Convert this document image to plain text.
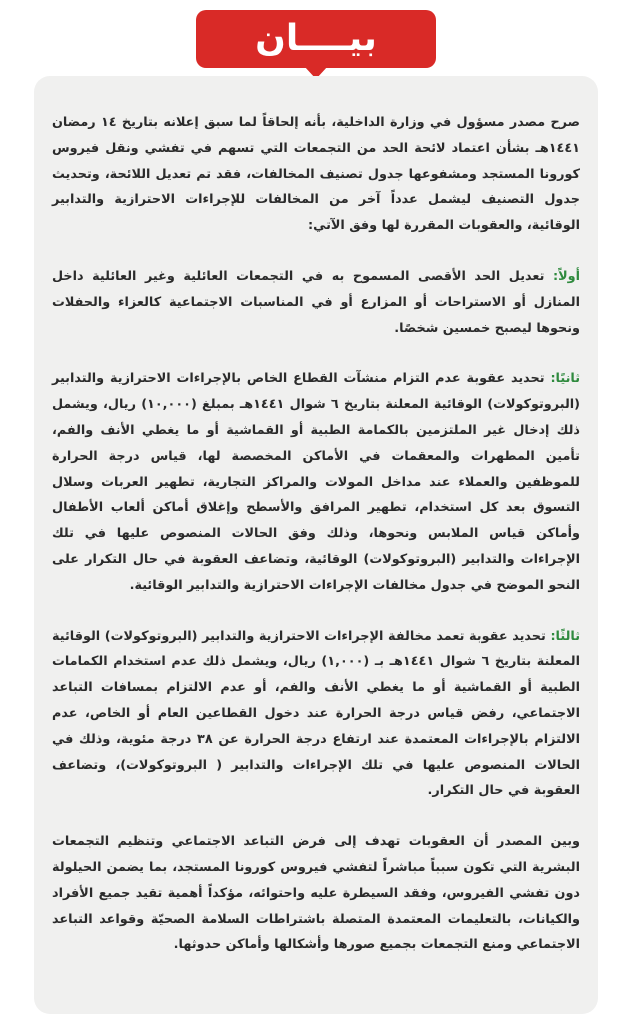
بيــــان

صرح مصدر مسؤول في وزارة الداخلية، بأنه إلحاقاً لما سبق إعلانه بتاريخ ١٤ رمضان ١٤٤١هـ بشأن اعتماد لائحة الحد من التجمعات التي تسهم في تفشي ونقل فيروس كورونا المستجد ومشفوعها جدول تصنيف المخالفات، فقد تم تعديل اللائحة، وتحديث جدول التصنيف ليشمل عدداً آخر من المخالفات للإجراءات الاحترازية والتدابير الوقائية، والعقوبات المقررة لها وفق الآتي:

أولاً: تعديل الحد الأقصى المسموح به في التجمعات العائلية وغير العائلية داخل المنازل أو الاستراحات أو المزارع أو في المناسبات الاجتماعية كالعزاء والحفلات ونحوها ليصبح خمسين شخصًا.

ثانيًا: تحديد عقوبة عدم التزام منشآت القطاع الخاص بالإجراءات الاحترازية والتدابير (البروتوكولات) الوقائية المعلنة بتاريخ ٦ شوال ١٤٤١هـ بمبلغ (١٠,٠٠٠) ريال، ويشمل ذلك إدخال غير الملتزمين بالكمامة الطبية أو القماشية أو ما يغطي الأنف والفم، تأمين المطهرات والمعقمات في الأماكن المخصصة لها، قياس درجة الحرارة للموظفين والعملاء عند مداخل المولات والمراكز التجارية، تطهير العربات وسلال التسوق بعد كل استخدام، تطهير المرافق والأسطح وإغلاق أماكن ألعاب الأطفال وأماكن قياس الملابس ونحوها، وذلك وفق الحالات المنصوص عليها في تلك الإجراءات والتدابير (البروتوكولات) الوقائية، وتضاعف العقوبة في حال التكرار على النحو الموضح في جدول مخالفات الإجراءات الاحترازية والتدابير الوقائية.

ثالثًا: تحديد عقوبة تعمد مخالفة الإجراءات الاحترازية والتدابير (البروتوكولات) الوقائية المعلنة بتاريخ ٦ شوال ١٤٤١هـ بـ (١,٠٠٠) ريال، ويشمل ذلك عدم استخدام الكمامات الطبية أو القماشية أو ما يغطي الأنف والفم، أو عدم الالتزام بمسافات التباعد الاجتماعي، رفض قياس درجة الحرارة عند دخول القطاعين العام أو الخاص، عدم الالتزام بالإجراءات المعتمدة عند ارتفاع درجة الحرارة عن ٣٨ درجة مئوية، وذلك في الحالات المنصوص عليها في تلك الإجراءات والتدابير ( البروتوكولات)، وتضاعف العقوبة في حال التكرار.

وبين المصدر أن العقوبات تهدف إلى فرض التباعد الاجتماعي وتنظيم التجمعات البشرية التي تكون سبباً مباشراً لتفشي فيروس كورونا المستجد، بما يضمن الحيلولة دون تفشي الفيروس، وفقد السيطرة عليه واحتوائه، مؤكداً أهمية تقيد جميع الأفراد والكيانات، بالتعليمات المعتمدة المتصلة باشتراطات السلامة الصحيّة وقواعد التباعد الاجتماعي ومنع التجمعات بجميع صورها وأشكالها وأماكن حدوثها.
